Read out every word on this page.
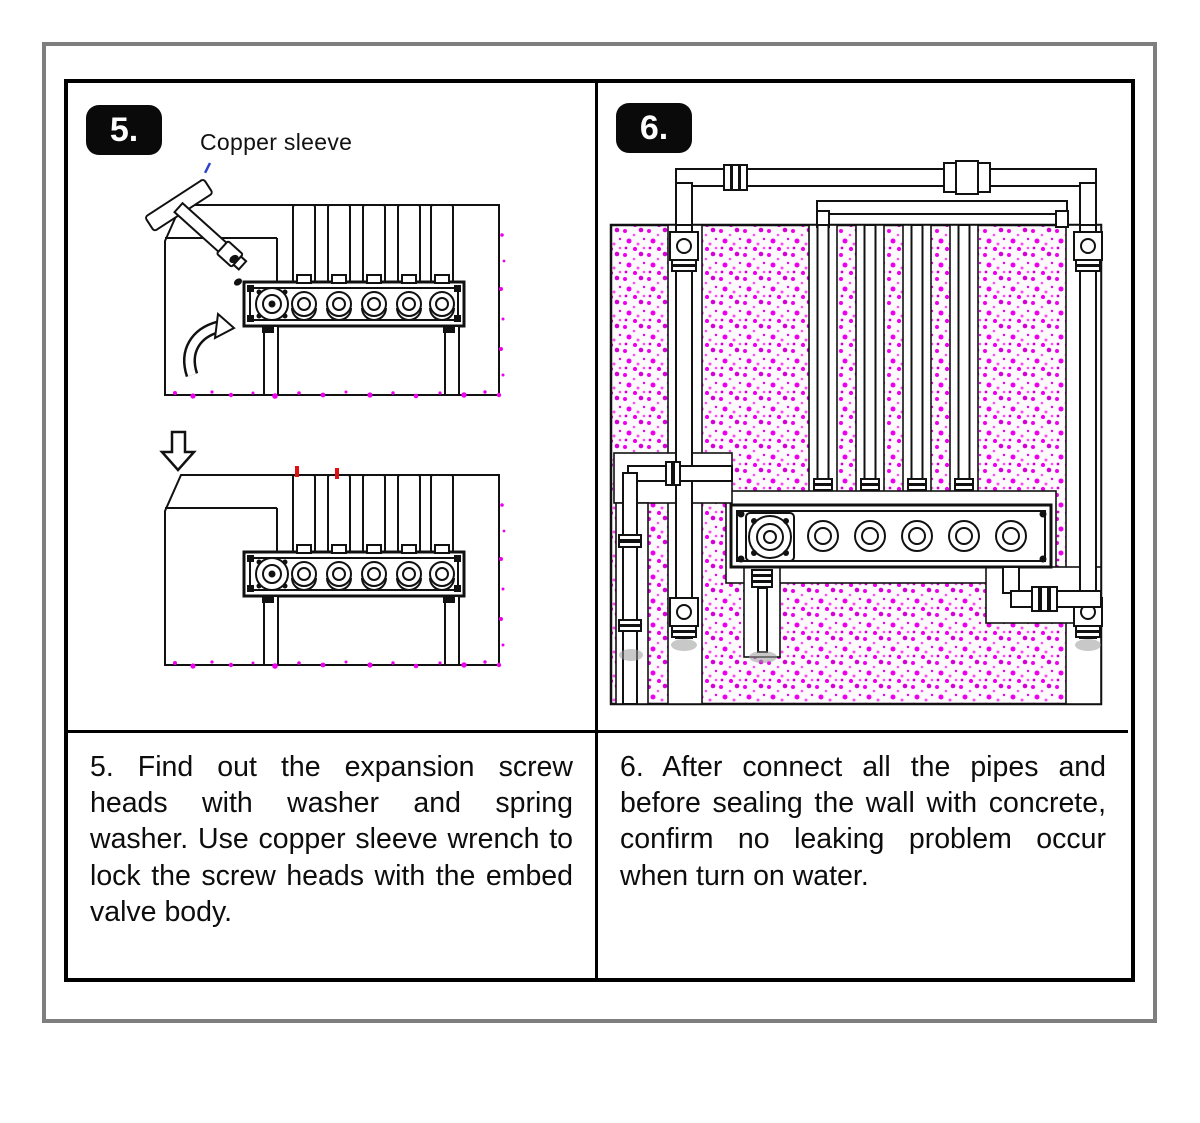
5.	Copper sleeve	6.
5. Find out the expansion screw heads with washer and spring washer. Use copper sleeve wrench to lock the screw heads with the embed valve body.
6. After connect all the pipes and before sealing the wall with concrete, confirm no leaking problem occur when turn on water.
